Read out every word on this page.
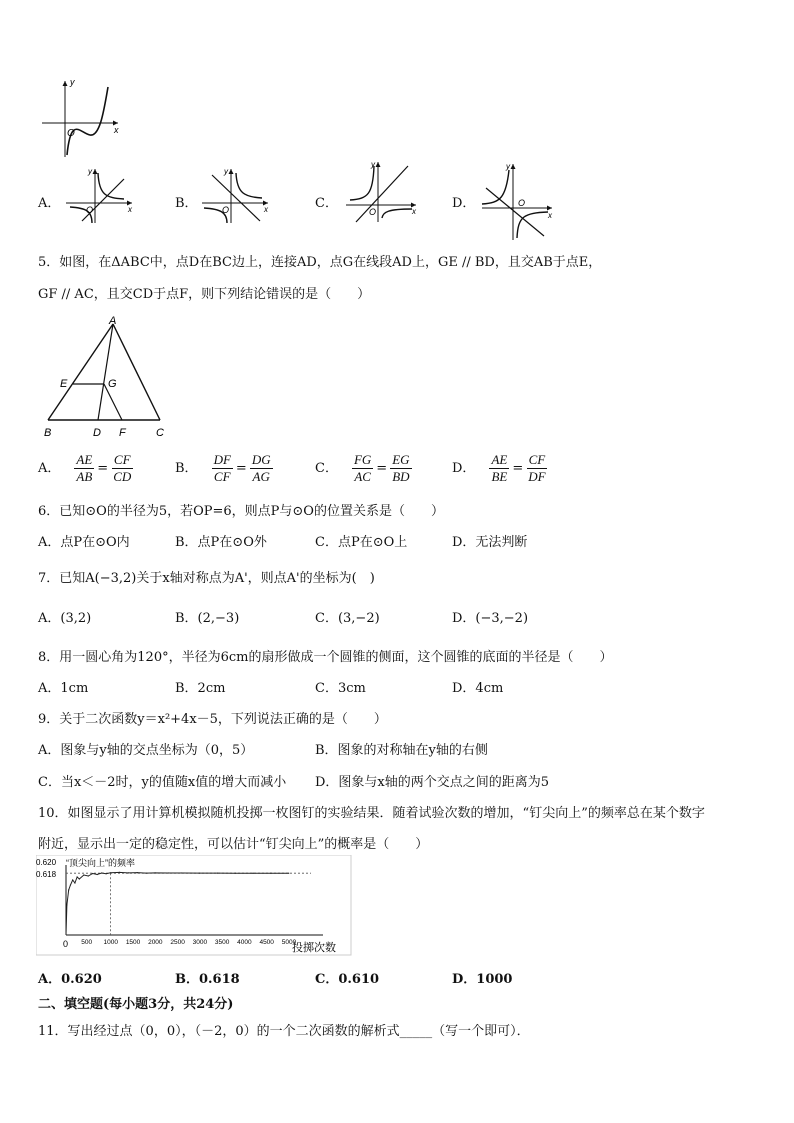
y
x
O
A．
y
x
O	B．
y
x
O	C．
y
x
O
D．
y
x
O
5．如图，在ΔABC中，点D在BC边上，连接AD，点G在线段AD上，GE // BD，且交AB于点E，
GF // AC，且交CD于点F，则下列结论错误的是（　　）
A
E	G
B	D F	C
A． $\frac{AE}{AB} = \frac{CF}{CD}$	B． $\frac{DF}{CF} = \frac{DG}{AG}$	C． $\frac{FG}{AC} = \frac{EG}{BD}$	D． $\frac{AE}{BE} = \frac{CF}{DF}$
6．已知⊙O的半径为5，若OP=6，则点P与⊙O的位置关系是（　　）
A．点P在⊙O内	B．点P在⊙O外	C．点P在⊙O上	D．无法判断
7．已知A(−3,2)关于x轴对称点为A'，则点A'的坐标为(　)
A．(3,2)	B．(2,−3)	C．(3,−2)	D．(−3,−2)
8．用一圆心角为120°，半径为6cm的扇形做成一个圆锥的侧面，这个圆锥的底面的半径是（　　）
A．1cm	B．2cm	C．3cm	D．4cm
9．关于二次函数y＝x²+4x－5，下列说法正确的是（　　）
A．图象与y轴的交点坐标为（0，5）	B．图象的对称轴在y轴的右侧
C．当x＜－2时，y的值随x值的增大而减小 D．图象与x轴的两个交点之间的距离为5
10．如图显示了用计算机模拟随机投掷一枚图钉的实验结果．随着试验次数的增加，“钉尖向上”的频率总在某个数字
附近，显示出一定的稳定性，可以估计“钉尖向上”的概率是（　　）
0 500 1000 1500 2000 2500 3000 3500 4000 4500 5000
0.620
0.618
“顶尖向上”的频率
投掷次数
A．0.620	B．0.618	C．0.610	D．1000
二、填空题(每小题3分，共24分)
11．写出经过点（0，0），（－2，0）的一个二次函数的解析式_____（写一个即可）．
